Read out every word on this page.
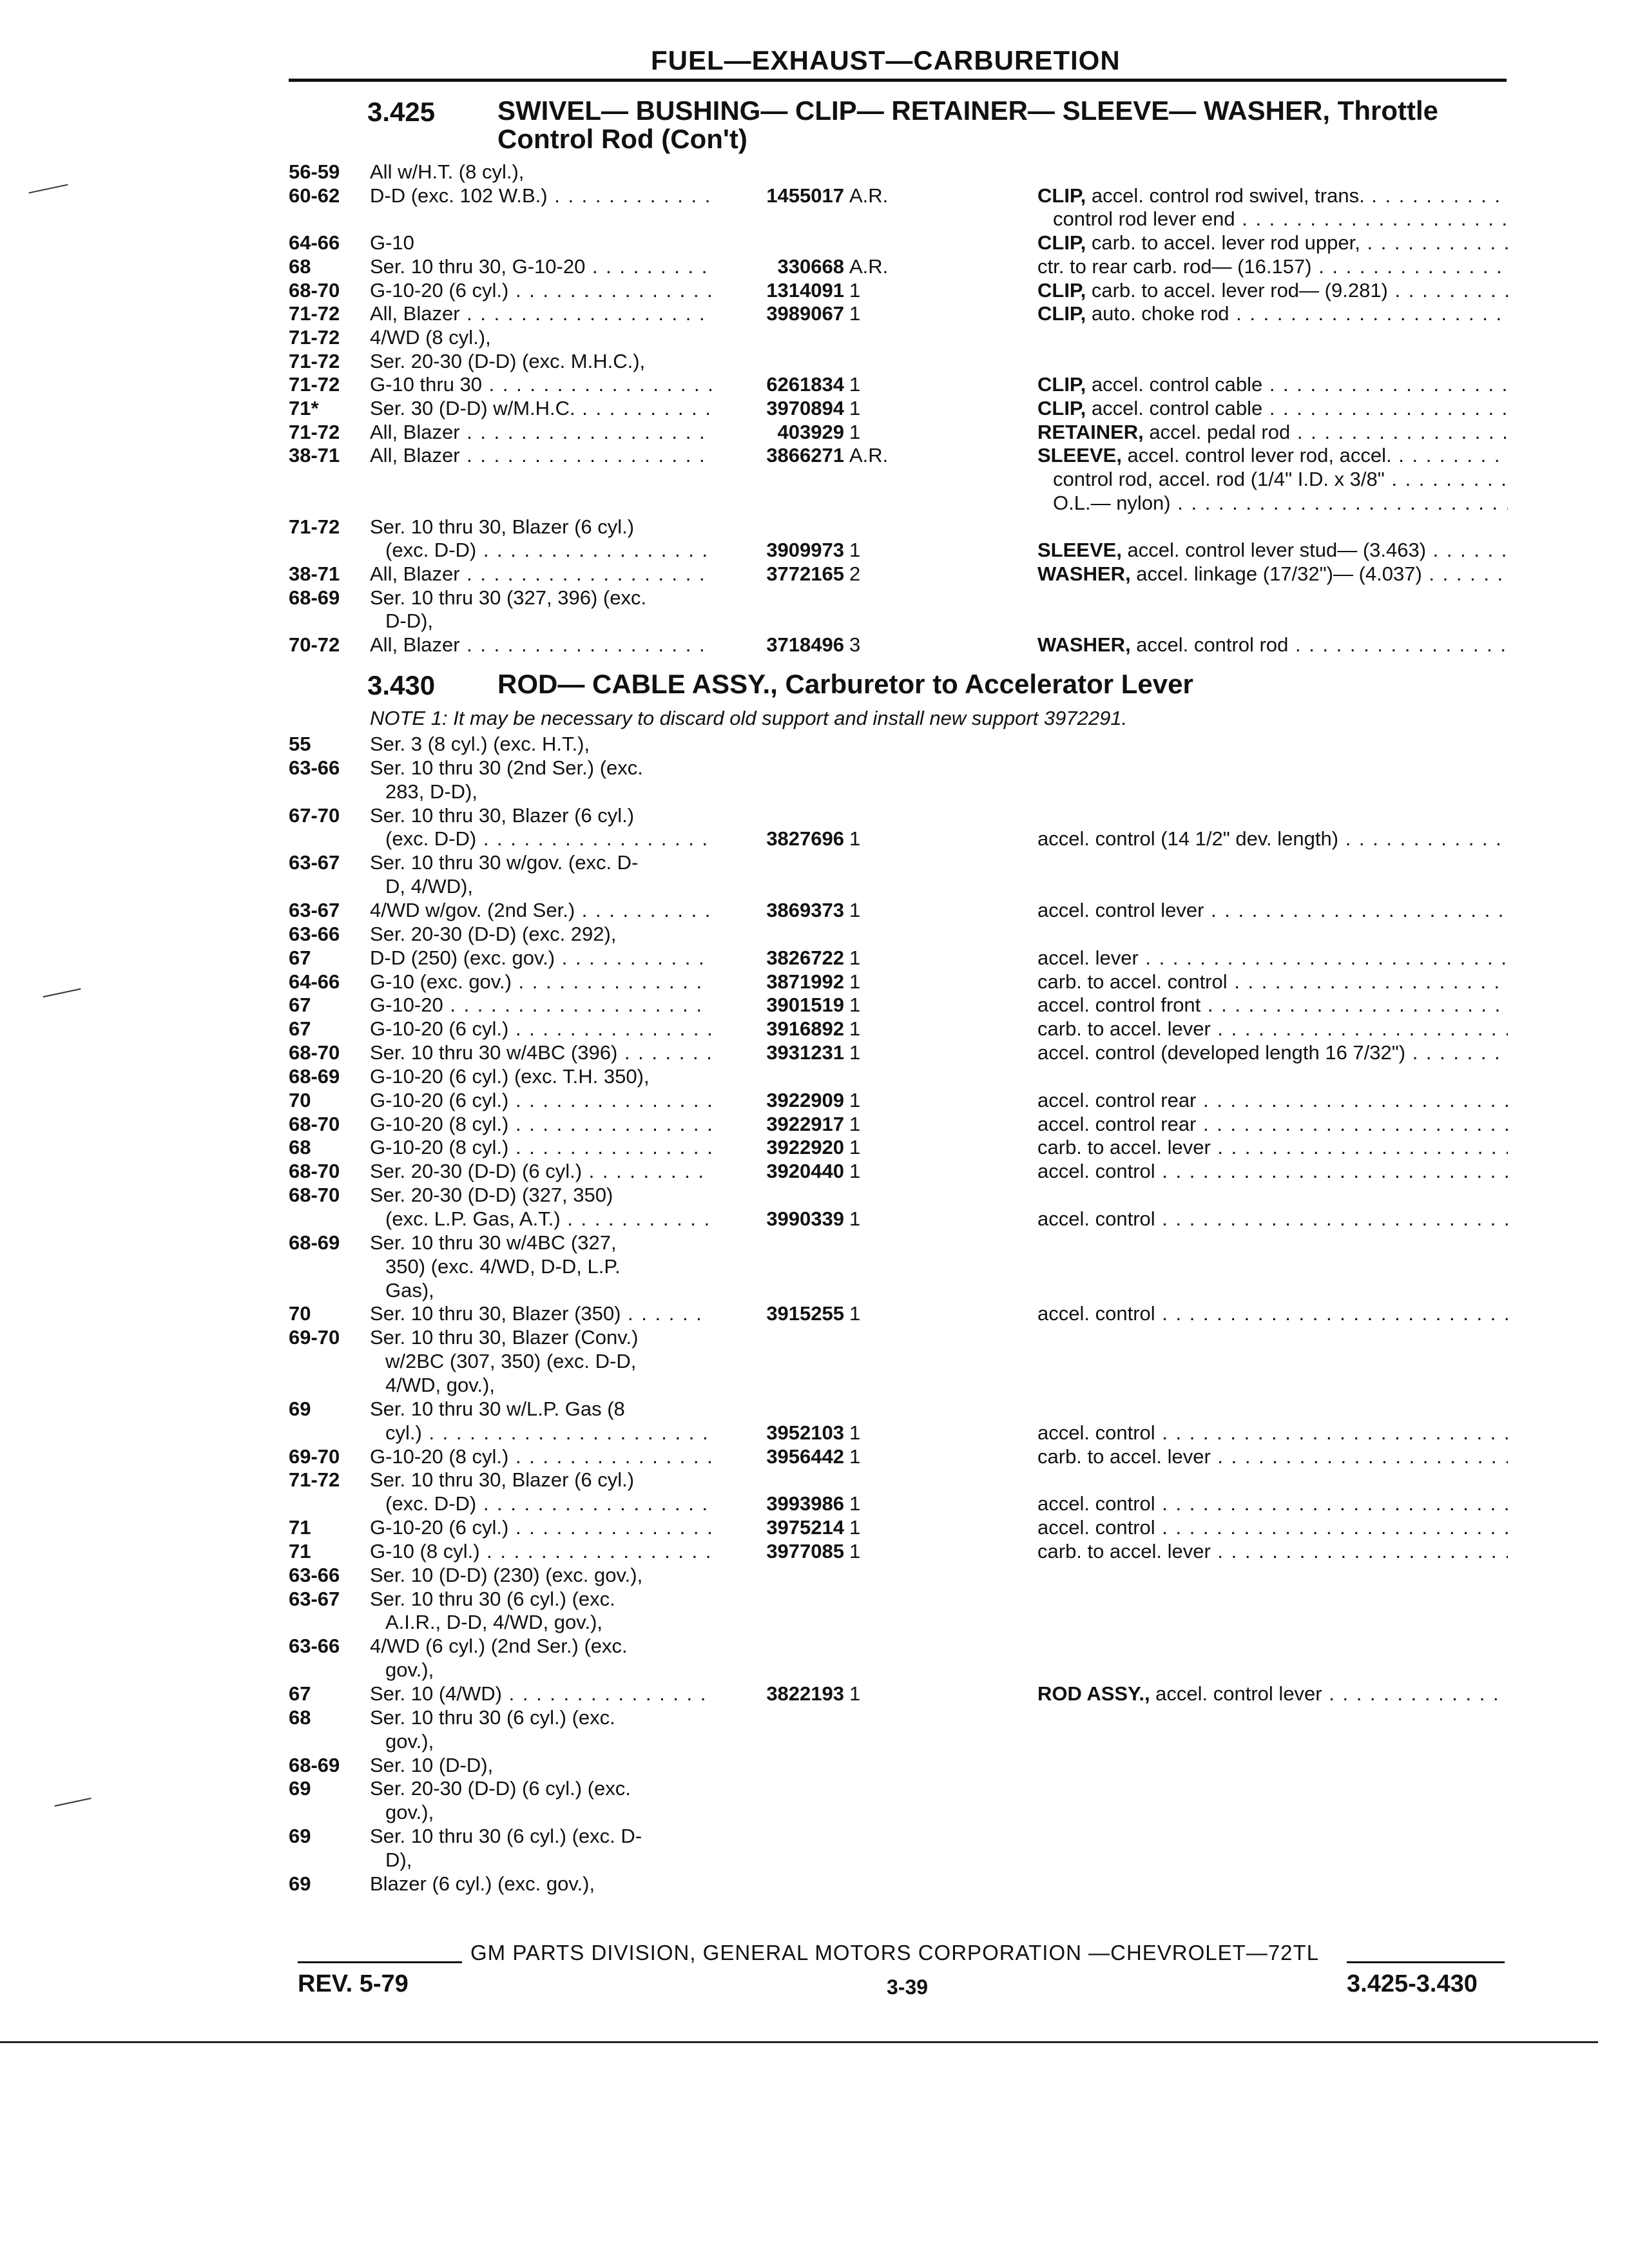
FUEL—EXHAUST—CARBURETION
3.425 SWIVEL— BUSHING— CLIP— RETAINER— SLEEVE— WASHER, Throttle
Control Rod (Con't)
56-59	All w/H.T. (8 cyl.),
60-62	D-D (exc. 102 W.B.) . . .	1455017 A.R.	CLIP, accel. control rod swivel, trans. . . .
control rod lever end . . .
64-66	G-10	CLIP, carb. to accel. lever rod upper, . . .
68	Ser. 10 thru 30, G-10-20 . . .	330668 A.R.	ctr. to rear carb. rod— (16.157) . . .
68-70	G-10-20 (6 cyl.) . . .	1314091 1	CLIP, carb. to accel. lever rod— (9.281) . . .
71-72	All, Blazer . . .	3989067 1	CLIP, auto. choke rod . . .
71-72	4/WD (8 cyl.),
71-72	Ser. 20-30 (D-D) (exc. M.H.C.),
71-72	G-10 thru 30 . . .	6261834 1	CLIP, accel. control cable . . .
71*	Ser. 30 (D-D) w/M.H.C. . . .	3970894 1	CLIP, accel. control cable . . .
71-72	All, Blazer . . .	403929 1	RETAINER, accel. pedal rod . . .
38-71	All, Blazer . . .	3866271 A.R.	SLEEVE, accel. control lever rod, accel. . . .
control rod, accel. rod (1/4" I.D. x 3/8" . . .
O.L.— nylon) . . .
71-72	Ser. 10 thru 30, Blazer (6 cyl.)
(exc. D-D) . . .	3909973 1	SLEEVE, accel. control lever stud— (3.463) . . .
38-71	All, Blazer . . .	3772165 2	WASHER, accel. linkage (17/32")— (4.037) . . .
68-69	Ser. 10 thru 30 (327, 396) (exc.
D-D),
70-72	All, Blazer . . .	3718496 3	WASHER, accel. control rod . . .
3.430 ROD— CABLE ASSY., Carburetor to Accelerator Lever
NOTE 1: It may be necessary to discard old support and install new support 3972291.
55	Ser. 3 (8 cyl.) (exc. H.T.),
63-66	Ser. 10 thru 30 (2nd Ser.) (exc.
283, D-D),
67-70	Ser. 10 thru 30, Blazer (6 cyl.)
(exc. D-D) . . .	3827696 1	accel. control (14 1/2" dev. length) . . .
63-67	Ser. 10 thru 30 w/gov. (exc. D-
D, 4/WD),
63-67	4/WD w/gov. (2nd Ser.) . . .	3869373 1	accel. control lever . . .
63-66	Ser. 20-30 (D-D) (exc. 292),
67	D-D (250) (exc. gov.) . . .	3826722 1	accel. lever . . .
64-66	G-10 (exc. gov.) . . .	3871992 1	carb. to accel. control . . .
67	G-10-20 . . .	3901519 1	accel. control front . . .
67	G-10-20 (6 cyl.) . . .	3916892 1	carb. to accel. lever . . .
68-70	Ser. 10 thru 30 w/4BC (396) . . .	3931231 1	accel. control (developed length 16 7/32") . . .
68-69	G-10-20 (6 cyl.) (exc. T.H. 350),
70	G-10-20 (6 cyl.) . . .	3922909 1	accel. control rear . . .
68-70	G-10-20 (8 cyl.) . . .	3922917 1	accel. control rear . . .
68	G-10-20 (8 cyl.) . . .	3922920 1	carb. to accel. lever . . .
68-70	Ser. 20-30 (D-D) (6 cyl.) . . .	3920440 1	accel. control . . .
68-70	Ser. 20-30 (D-D) (327, 350)
(exc. L.P. Gas, A.T.) . . .	3990339 1	accel. control . . .
68-69	Ser. 10 thru 30 w/4BC (327,
350) (exc. 4/WD, D-D, L.P.
Gas),
70	Ser. 10 thru 30, Blazer (350) . . .	3915255 1	accel. control . . .
69-70	Ser. 10 thru 30, Blazer (Conv.)
w/2BC (307, 350) (exc. D-D,
4/WD, gov.),
69	Ser. 10 thru 30 w/L.P. Gas (8
cyl.) . . .	3952103 1	accel. control . . .
69-70	G-10-20 (8 cyl.) . . .	3956442 1	carb. to accel. lever . . .
71-72	Ser. 10 thru 30, Blazer (6 cyl.)
(exc. D-D) . . .	3993986 1	accel. control . . .
71	G-10-20 (6 cyl.) . . .	3975214 1	accel. control . . .
71	G-10 (8 cyl.) . . .	3977085 1	carb. to accel. lever . . .
63-66	Ser. 10 (D-D) (230) (exc. gov.),
63-67	Ser. 10 thru 30 (6 cyl.) (exc.
A.I.R., D-D, 4/WD, gov.),
63-66	4/WD (6 cyl.) (2nd Ser.) (exc.
gov.),
67	Ser. 10 (4/WD) . . .	3822193 1	ROD ASSY., accel. control lever . . .
68	Ser. 10 thru 30 (6 cyl.) (exc.
gov.),
68-69	Ser. 10 (D-D),
69	Ser. 20-30 (D-D) (6 cyl.) (exc.
gov.),
69	Ser. 10 thru 30 (6 cyl.) (exc. D-
D),
69	Blazer (6 cyl.) (exc. gov.),
GM PARTS DIVISION, GENERAL MOTORS CORPORATION —CHEVROLET—72TL
REV. 5-79	3-39	3.425-3.430
